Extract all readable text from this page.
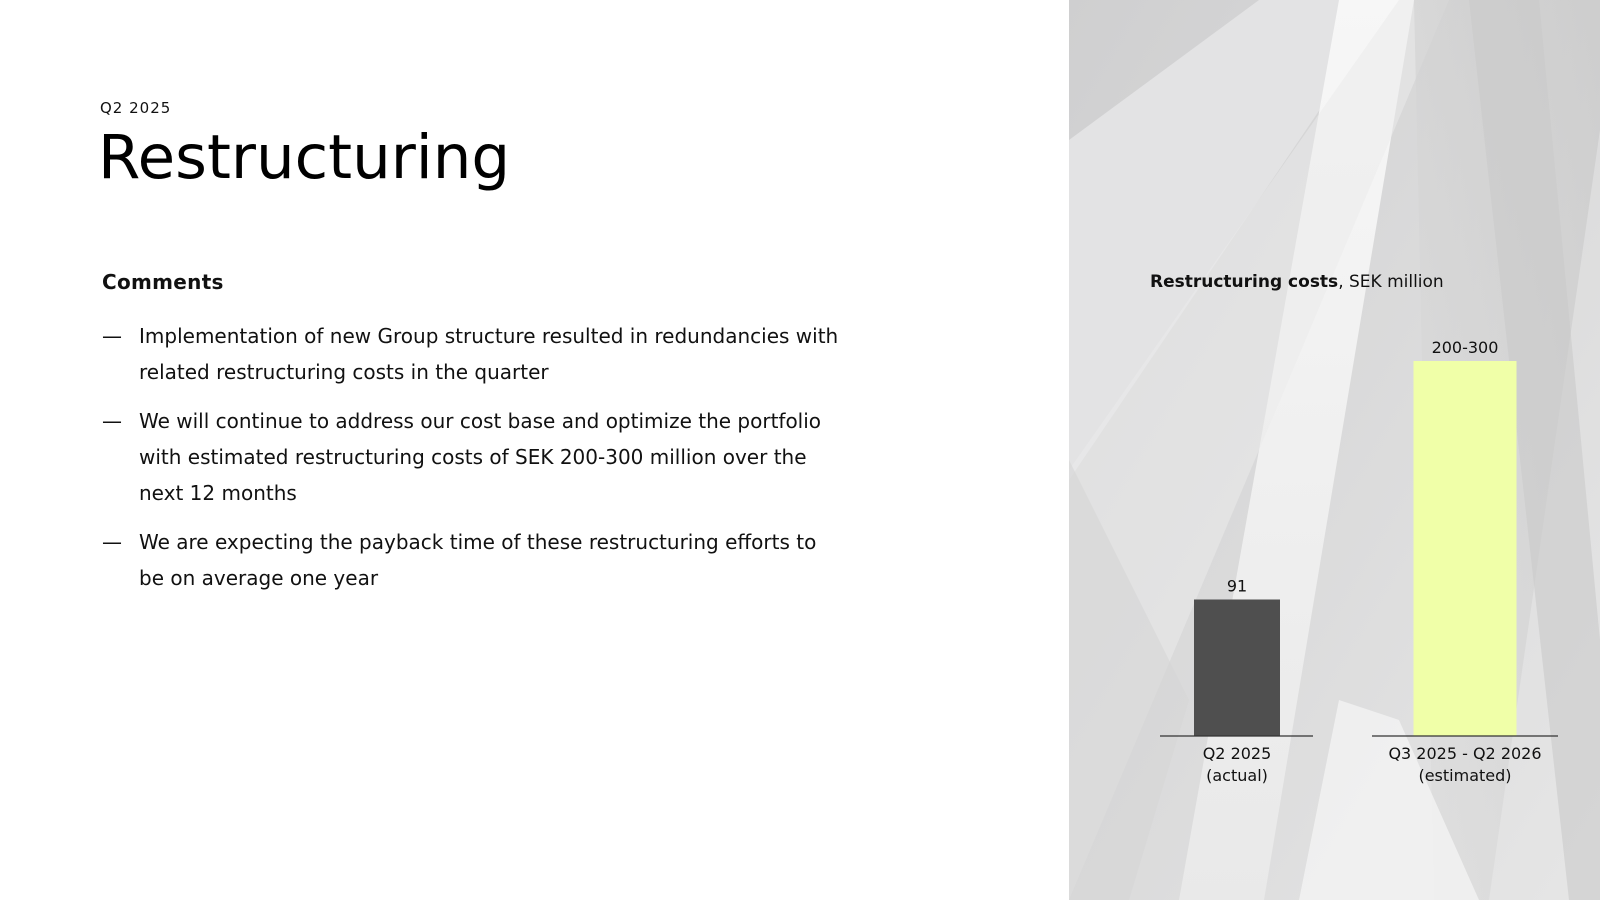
Q2 2025
Restructuring
Comments
— Implementation of new Group structure resulted in redundancies with related restructuring costs in the quarter
— We will continue to address our cost base and optimize the portfolio with estimated restructuring costs of SEK 200-300 million over the next 12 months
— We are expecting the payback time of these restructuring efforts to be on average one year
Restructuring costs, SEK million
91
Q2 2025
(actual)
200-300
Q3 2025 - Q2 2026
(estimated)
